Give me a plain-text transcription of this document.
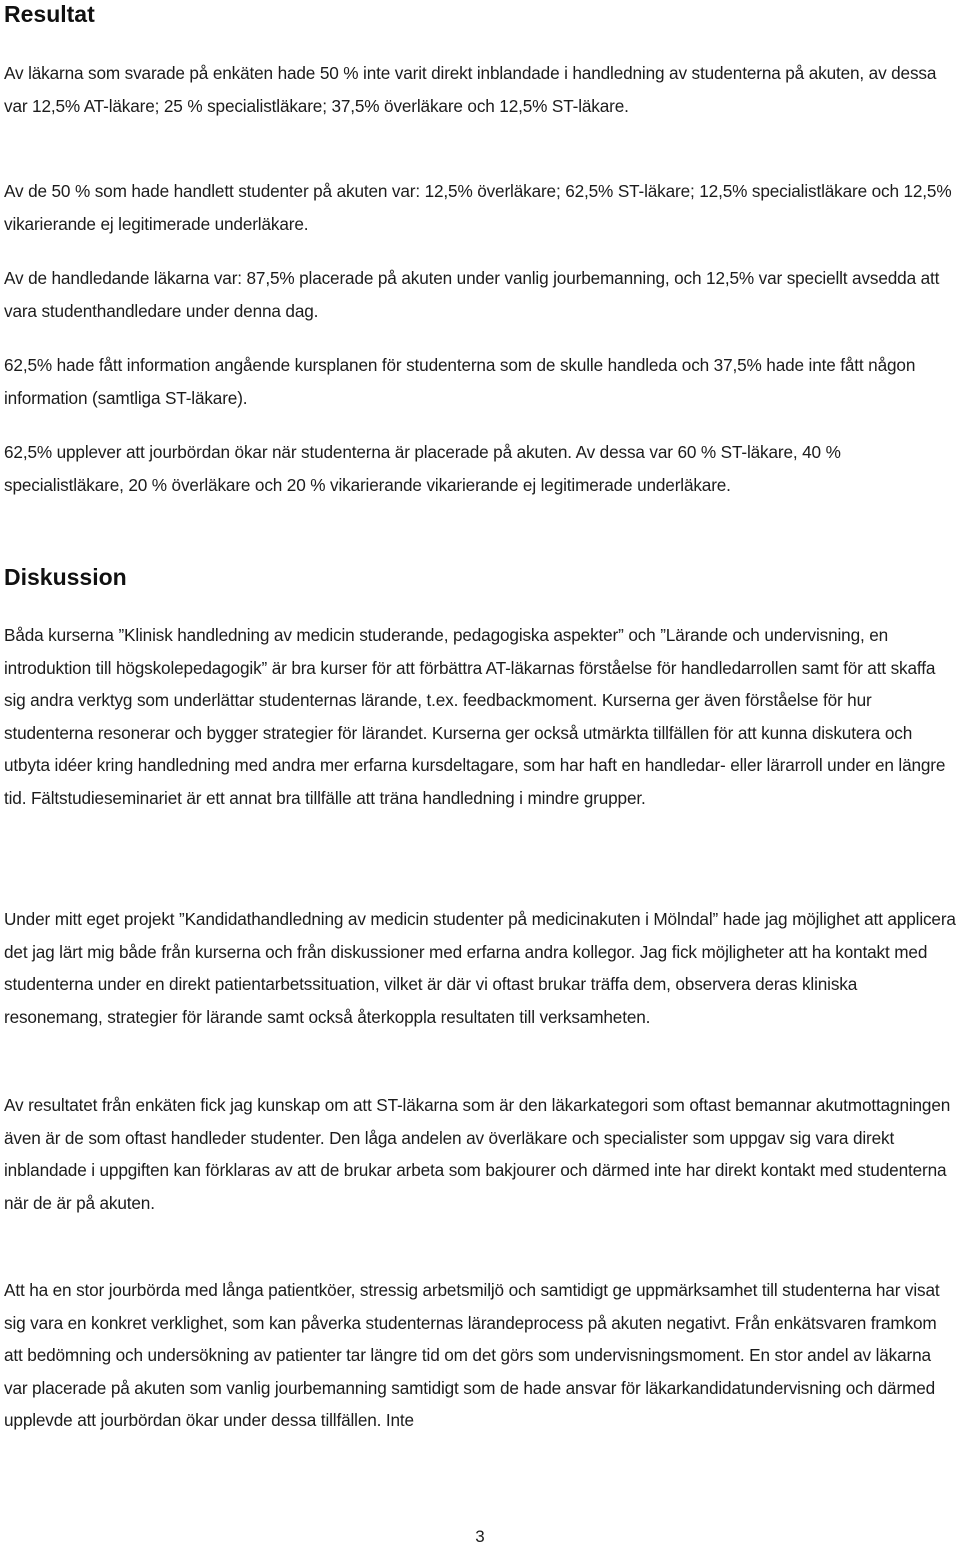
Resultat

Av läkarna som svarade på enkäten hade 50 % inte varit direkt inblandade i handledning av studenterna på akuten, av dessa var 12,5% AT-läkare; 25 % specialistläkare; 37,5% överläkare och 12,5% ST-läkare.

Av de 50 % som hade handlett studenter på akuten var: 12,5% överläkare; 62,5% ST-läkare; 12,5% specialistläkare och 12,5% vikarierande ej legitimerade underläkare.

Av de handledande läkarna var: 87,5% placerade på akuten under vanlig jourbemanning, och 12,5% var speciellt avsedda att vara studenthandledare under denna dag.

62,5% hade fått information angående kursplanen för studenterna som de skulle handleda och 37,5% hade inte fått någon information (samtliga ST-läkare).

62,5% upplever att jourbördan ökar när studenterna är placerade på akuten. Av dessa var 60 % ST-läkare, 40 % specialistläkare, 20 % överläkare och 20 % vikarierande vikarierande ej legitimerade underläkare.

Diskussion

Båda kurserna ”Klinisk handledning av medicin studerande, pedagogiska aspekter” och ”Lärande och undervisning, en introduktion till högskolepedagogik” är bra kurser för att förbättra AT-läkarnas förståelse för handledarrollen samt för att skaffa sig andra verktyg som underlättar studenternas lärande, t.ex. feedbackmoment. Kurserna ger även förståelse för hur studenterna resonerar och bygger strategier för lärandet. Kurserna ger också utmärkta tillfällen för att kunna diskutera och utbyta idéer kring handledning med andra mer erfarna kursdeltagare, som har haft en handledar- eller lärarroll under en längre tid. Fältstudieseminariet är ett annat bra tillfälle att träna handledning i mindre grupper.

Under mitt eget projekt ”Kandidathandledning av medicin studenter på medicinakuten i Mölndal” hade jag möjlighet att applicera det jag lärt mig både från kurserna och från diskussioner med erfarna andra kollegor. Jag fick möjligheter att ha kontakt med studenterna under en direkt patientarbetssituation, vilket är där vi oftast brukar träffa dem, observera deras kliniska resonemang, strategier för lärande samt också återkoppla resultaten till verksamheten.

Av resultatet från enkäten fick jag kunskap om att ST-läkarna som är den läkarkategori som oftast bemannar akutmottagningen även är de som oftast handleder studenter. Den låga andelen av överläkare och specialister som uppgav sig vara direkt inblandade i uppgiften kan förklaras av att de brukar arbeta som bakjourer och därmed inte har direkt kontakt med studenterna när de är på akuten.

Att ha en stor jourbörda med långa patientköer, stressig arbetsmiljö och samtidigt ge uppmärksamhet till studenterna har visat sig vara en konkret verklighet, som kan påverka studenternas lärandeprocess på akuten negativt. Från enkätsvaren framkom att bedömning och undersökning av patienter tar längre tid om det görs som undervisningsmoment. En stor andel av läkarna var placerade på akuten som vanlig jourbemanning samtidigt som de hade ansvar för läkarkandidatundervisning och därmed upplevde att jourbördan ökar under dessa tillfällen. Inte

3
